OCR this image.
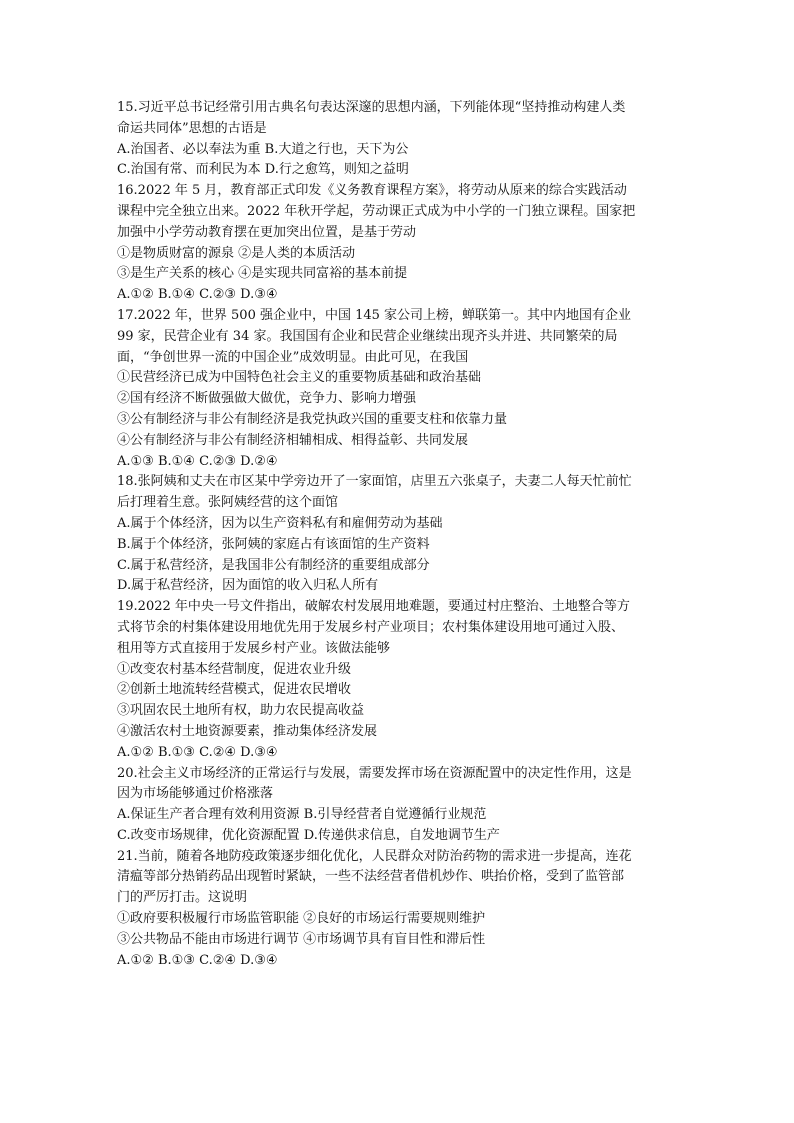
15.习近平总书记经常引用古典名句表达深邃的思想内涵，下列能体现“坚持推动构建人类
命运共同体”思想的古语是
A.治国者、必以奉法为重 B.大道之行也，天下为公
C.治国有常、而利民为本 D.行之愈笃，则知之益明
16.2022 年 5 月，教育部正式印发《义务教育课程方案》，将劳动从原来的综合实践活动
课程中完全独立出来。2022 年秋开学起，劳动课正式成为中小学的一门独立课程。国家把
加强中小学劳动教育摆在更加突出位置，是基于劳动
①是物质财富的源泉 ②是人类的本质活动
③是生产关系的核心 ④是实现共同富裕的基本前提
A.①② B.①④ C.②③ D.③④
17.2022 年，世界 500 强企业中，中国 145 家公司上榜，蝉联第一。其中内地国有企业
99 家，民营企业有 34 家。我国国有企业和民营企业继续出现齐头并进、共同繁荣的局
面，“争创世界一流的中国企业”成效明显。由此可见，在我国
①民营经济已成为中国特色社会主义的重要物质基础和政治基础
②国有经济不断做强做大做优，竞争力、影响力增强
③公有制经济与非公有制经济是我党执政兴国的重要支柱和依靠力量
④公有制经济与非公有制经济相辅相成、相得益彰、共同发展
A.①③ B.①④ C.②③ D.②④
18.张阿姨和丈夫在市区某中学旁边开了一家面馆，店里五六张桌子，夫妻二人每天忙前忙
后打理着生意。张阿姨经营的这个面馆
A.属于个体经济，因为以生产资料私有和雇佣劳动为基础
B.属于个体经济，张阿姨的家庭占有该面馆的生产资料
C.属于私营经济，是我国非公有制经济的重要组成部分
D.属于私营经济，因为面馆的收入归私人所有
19.2022 年中央一号文件指出，破解农村发展用地难题，要通过村庄整治、土地整合等方
式将节余的村集体建设用地优先用于发展乡村产业项目；农村集体建设用地可通过入股、
租用等方式直接用于发展乡村产业。该做法能够
①改变农村基本经营制度，促进农业升级
②创新土地流转经营模式，促进农民增收
③巩固农民土地所有权，助力农民提高收益
④激活农村土地资源要素，推动集体经济发展
A.①② B.①③ C.②④ D.③④
20.社会主义市场经济的正常运行与发展，需要发挥市场在资源配置中的决定性作用，这是
因为市场能够通过价格涨落
A.保证生产者合理有效利用资源 B.引导经营者自觉遵循行业规范
C.改变市场规律，优化资源配置 D.传递供求信息，自发地调节生产
21.当前，随着各地防疫政策逐步细化优化，人民群众对防治药物的需求进一步提高，连花
清瘟等部分热销药品出现暂时紧缺，一些不法经营者借机炒作、哄抬价格，受到了监管部
门的严厉打击。这说明
①政府要积极履行市场监管职能 ②良好的市场运行需要规则维护
③公共物品不能由市场进行调节 ④市场调节具有盲目性和滞后性
A.①② B.①③ C.②④ D.③④
